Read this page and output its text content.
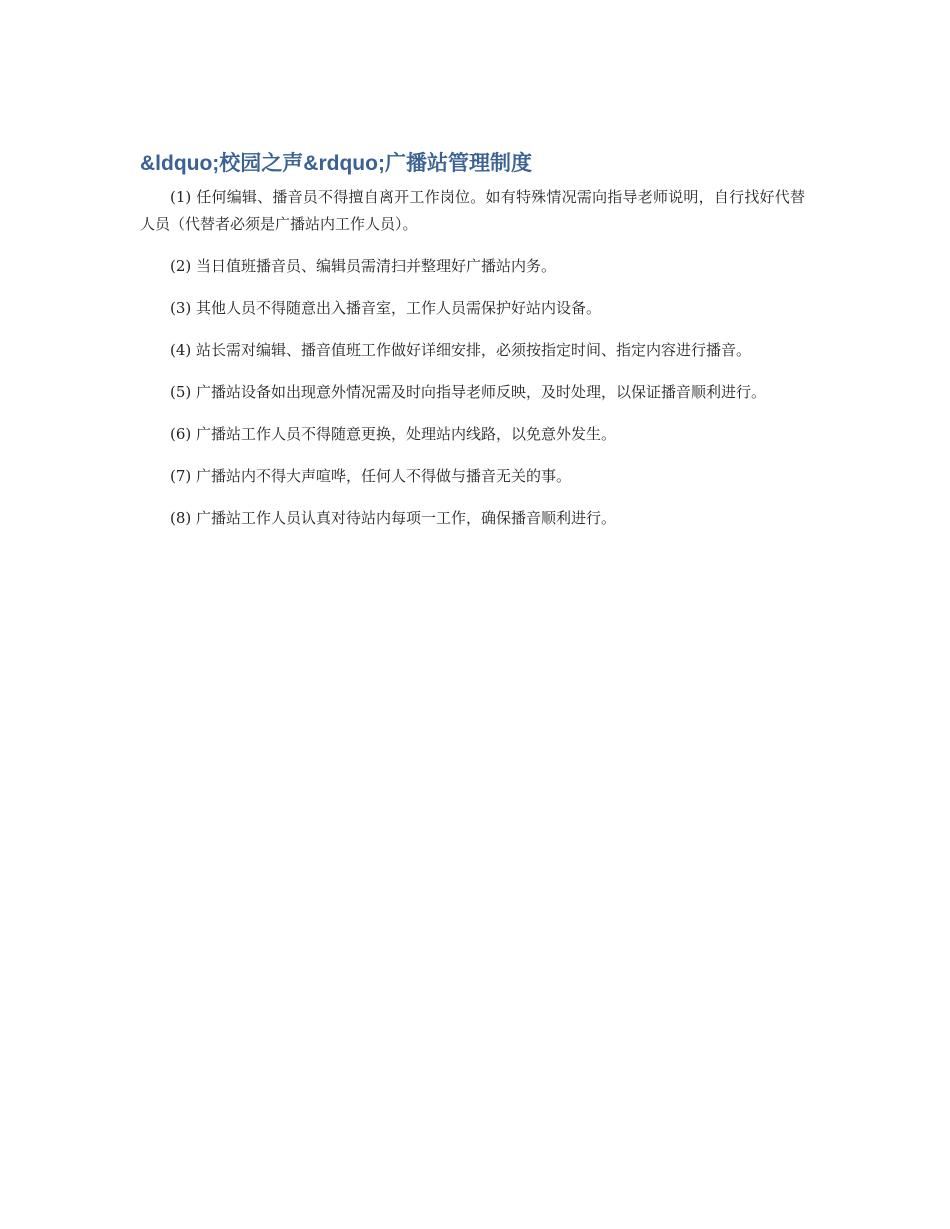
&ldquo;校园之声&rdquo;广播站管理制度

(1) 任何编辑、播音员不得擅自离开工作岗位。如有特殊情况需向指导老师说明，自行找好代替人员（代替者必须是广播站内工作人员）。

(2) 当日值班播音员、编辑员需清扫并整理好广播站内务。

(3) 其他人员不得随意出入播音室，工作人员需保护好站内设备。

(4) 站长需对编辑、播音值班工作做好详细安排，必须按指定时间、指定内容进行播音。

(5) 广播站设备如出现意外情况需及时向指导老师反映，及时处理，以保证播音顺利进行。

(6) 广播站工作人员不得随意更换，处理站内线路，以免意外发生。

(7) 广播站内不得大声喧哗，任何人不得做与播音无关的事。

(8) 广播站工作人员认真对待站内每项一工作，确保播音顺利进行。
